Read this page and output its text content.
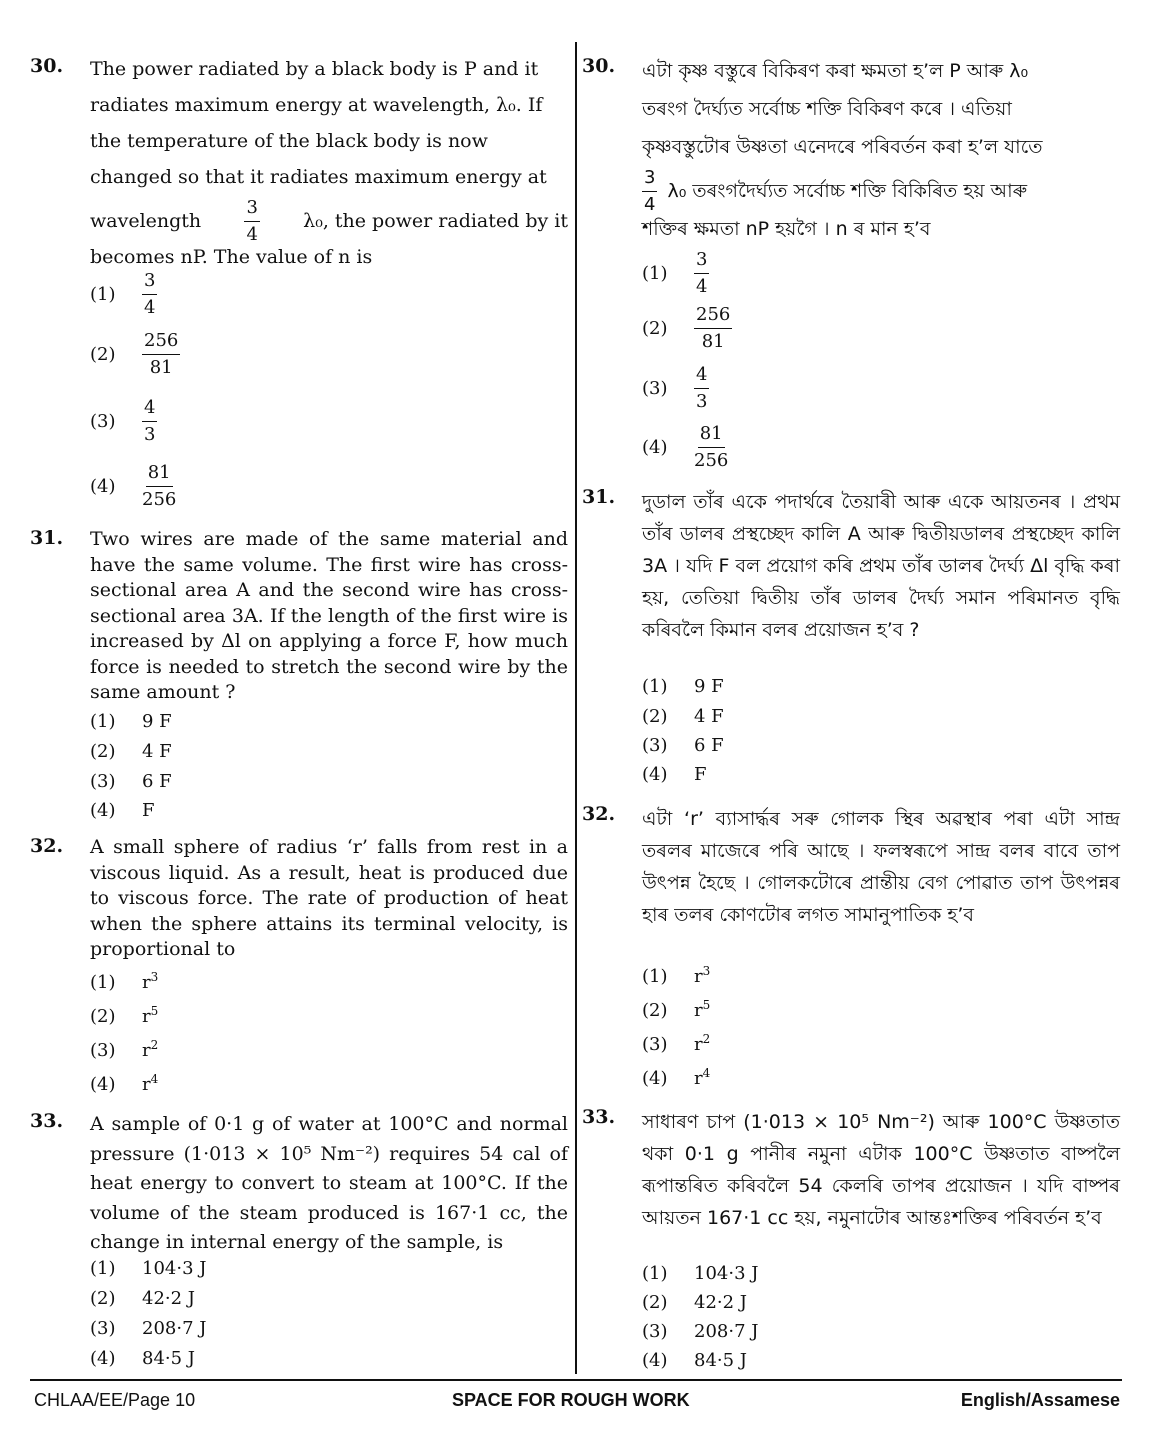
30. The power radiated by a black body is P and it
radiates maximum energy at wavelength, λ₀. If
the temperature of the black body is now
changed so that it radiates maximum energy at
wavelength $\frac{3}{4} \lambda_0$, the power radiated by it
becomes nP. The value of n is
$(1) \frac{3}{4}$
$(2) \frac{256}{81}$
$(3) \frac{4}{3}$
$(4) \frac{81}{256}$
31. Two wires are made of the same material and have the same volume. The first wire has cross-sectional area A and the second wire has cross-sectional area 3A. If the length of the first wire is increased by Δl on applying a force F, how much force is needed to stretch the second wire by the same amount ?
(1) 9 F
(2) 4 F
(3) 6 F
(4) F
32. A small sphere of radius ‘r’ falls from rest in a viscous liquid. As a result, heat is produced due to viscous force. The rate of production of heat when the sphere attains its terminal velocity, is proportional to
(1) $r^3$
(2) $r^5$
(3) $r^2$
(4) $r^4$
33. A sample of 0·1 g of water at 100°C and normal pressure (1·013 × 10⁵ Nm⁻²) requires 54 cal of heat energy to convert to steam at 100°C. If the volume of the steam produced is 167·1 cc, the change in internal energy of the sample, is
(1) 104·3 J
(2) 42·2 J
(3) 208·7 J
(4) 84·5 J
30. এটা কৃষ্ণ বস্তুৰে বিকিৰণ কৰা ক্ষমতা হ’ল P আৰু λ₀
তৰংগ দৈৰ্ঘ্যত সৰ্বোচ্চ শক্তি বিকিৰণ কৰে । এতিয়া
কৃষ্ণবস্তুটোৰ উষ্ণতা এনেদৰে পৰিবৰ্তন কৰা হ’ল যাতে
$\frac{3}{4} \lambda_0$ তৰংগদৈৰ্ঘ্যত সৰ্বোচ্চ শক্তি বিকিৰিত হয় আৰু
শক্তিৰ ক্ষমতা nP হয়গৈ । n ৰ মান হ’ব
$(1) \frac{3}{4}$
$(2) \frac{256}{81}$
$(3) \frac{4}{3}$
$(4) \frac{81}{256}$
31. দুডাল তাঁৰ একে পদাৰ্থৰে তৈয়াৰী আৰু একে আয়তনৰ । প্ৰথম তাঁৰ ডালৰ প্ৰস্থচ্ছেদ কালি A আৰু দ্বিতীয়ডালৰ প্ৰস্থচ্ছেদ কালি 3A । যদি F বল প্ৰয়োগ কৰি প্ৰথম তাঁৰ ডালৰ দৈৰ্ঘ্য Δl বৃদ্ধি কৰা হয়, তেতিয়া দ্বিতীয় তাঁৰ ডালৰ দৈৰ্ঘ্য সমান পৰিমানত বৃদ্ধি কৰিবলৈ কিমান বলৰ প্ৰয়োজন হ’ব ?
(1) 9 F
(2) 4 F
(3) 6 F
(4) F
32. এটা ‘r’ ব্যাসাৰ্দ্ধৰ সৰু গোলক স্থিৰ অৱস্থাৰ পৰা এটা সান্দ্ৰ তৰলৰ মাজেৰে পৰি আছে । ফলস্বৰূপে সান্দ্ৰ বলৰ বাবে তাপ উৎপন্ন হৈছে । গোলকটোৰে প্ৰান্তীয় বেগ পোৱাত তাপ উৎপন্নৰ হাৰ তলৰ কোণটোৰ লগত সামানুপাতিক হ’ব
(1) $r^3$
(2) $r^5$
(3) $r^2$
(4) $r^4$
33. সাধাৰণ চাপ (1·013 × 10⁵ Nm⁻²) আৰু 100°C উষ্ণতাত থকা 0·1 g পানীৰ নমুনা এটাক 100°C উষ্ণতাত বাষ্পলৈ ৰূপান্তৰিত কৰিবলৈ 54 কেলৰি তাপৰ প্ৰয়োজন । যদি বাষ্পৰ আয়তন 167·1 cc হয়, নমুনাটোৰ আন্তঃশক্তিৰ পৰিবৰ্তন হ’ব
(1) 104·3 J
(2) 42·2 J
(3) 208·7 J
(4) 84·5 J
CHLAA/EE/Page 10	SPACE FOR ROUGH WORK	English/Assamese
